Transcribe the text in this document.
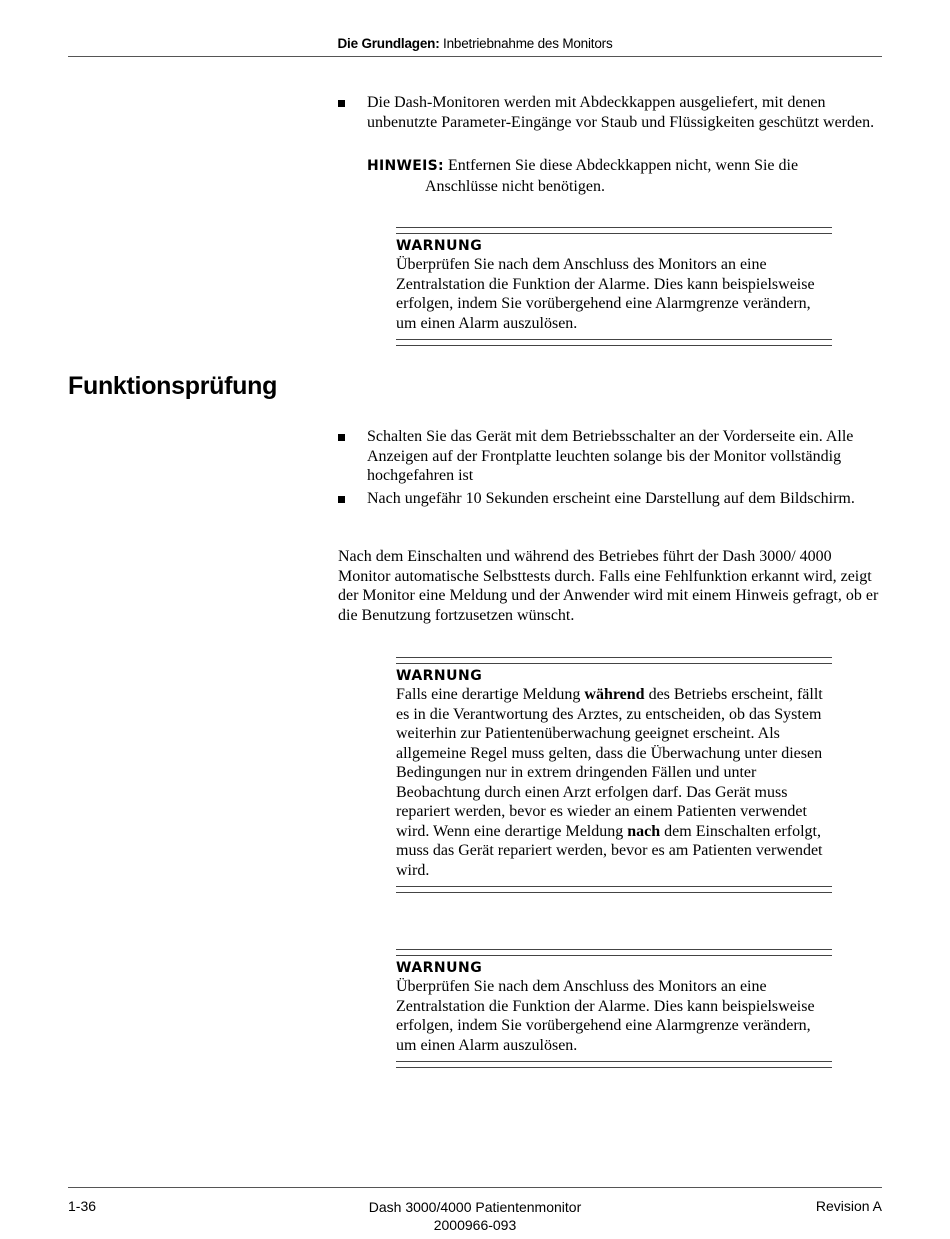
Die Grundlagen: Inbetriebnahme des Monitors
Die Dash-Monitoren werden mit Abdeckkappen ausgeliefert, mit denen unbenutzte Parameter-Eingänge vor Staub und Flüssigkeiten geschützt werden.
HINWEIS: Entfernen Sie diese Abdeckkappen nicht, wenn Sie die
Anschlüsse nicht benötigen.
WARNUNG
Überprüfen Sie nach dem Anschluss des Monitors an eine Zentralstation die Funktion der Alarme. Dies kann beispielsweise erfolgen, indem Sie vorübergehend eine Alarmgrenze verändern, um einen Alarm auszulösen.
Funktionsprüfung
Schalten Sie das Gerät mit dem Betriebsschalter an der Vorderseite ein. Alle Anzeigen auf der Frontplatte leuchten solange bis der Monitor vollständig hochgefahren ist
Nach ungefähr 10 Sekunden erscheint eine Darstellung auf dem Bildschirm.
Nach dem Einschalten und während des Betriebes führt der Dash 3000/ 4000 Monitor automatische Selbsttests durch. Falls eine Fehlfunktion erkannt wird, zeigt der Monitor eine Meldung und der Anwender wird mit einem Hinweis gefragt, ob er die Benutzung fortzusetzen wünscht.
WARNUNG
Falls eine derartige Meldung während des Betriebs erscheint, fällt es in die Verantwortung des Arztes, zu entscheiden, ob das System weiterhin zur Patientenüberwachung geeignet erscheint. Als allgemeine Regel muss gelten, dass die Überwachung unter diesen Bedingungen nur in extrem dringenden Fällen und unter Beobachtung durch einen Arzt erfolgen darf. Das Gerät muss repariert werden, bevor es wieder an einem Patienten verwendet wird. Wenn eine derartige Meldung nach dem Einschalten erfolgt, muss das Gerät repariert werden, bevor es am Patienten verwendet wird.
WARNUNG
Überprüfen Sie nach dem Anschluss des Monitors an eine Zentralstation die Funktion der Alarme. Dies kann beispielsweise erfolgen, indem Sie vorübergehend eine Alarmgrenze verändern, um einen Alarm auszulösen.
1-36	Dash 3000/4000 Patientenmonitor
2000966-093
Revision A
